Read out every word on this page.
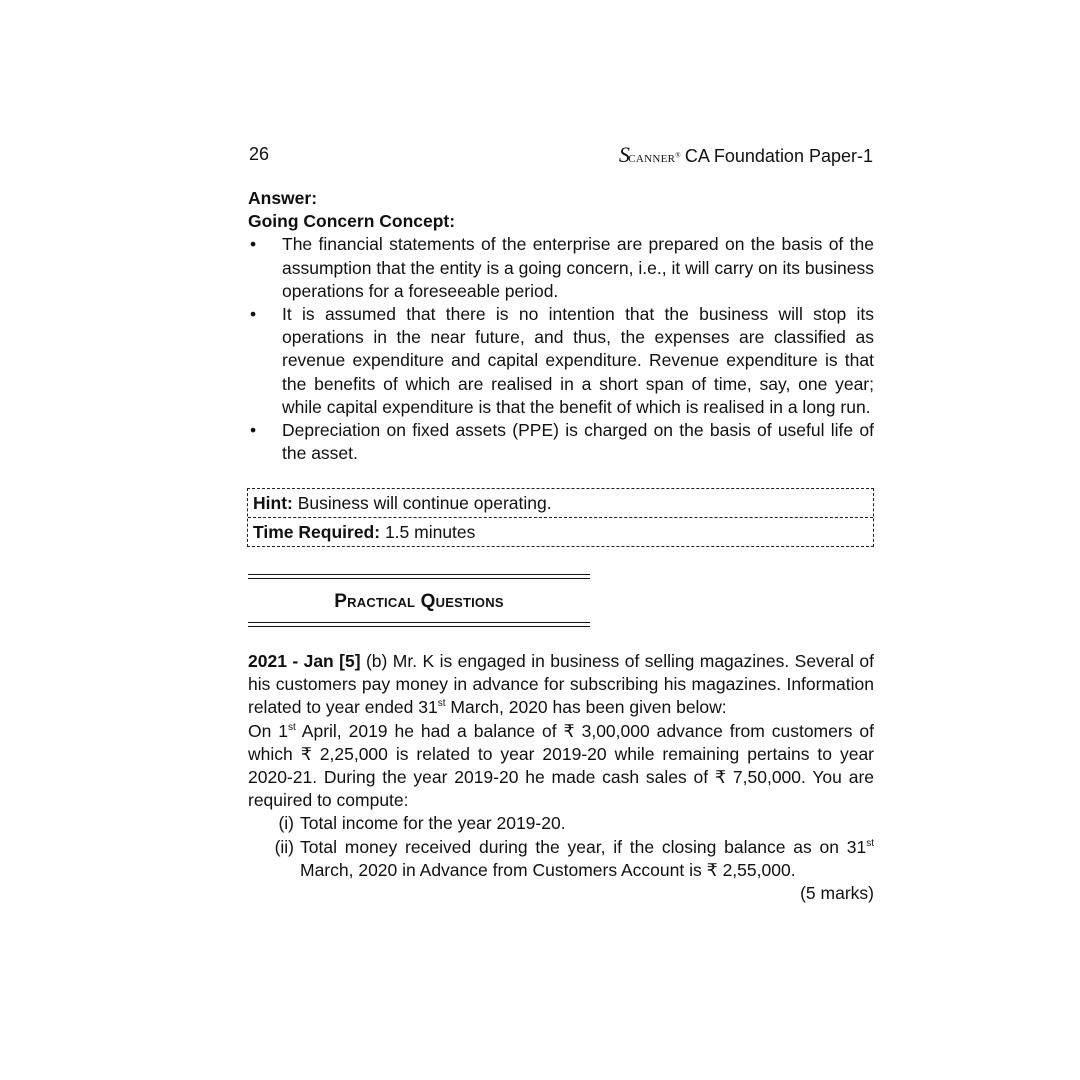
26	SCANNER® CA Foundation Paper-1
Answer:
Going Concern Concept:
• The financial statements of the enterprise are prepared on the basis of the assumption that the entity is a going concern, i.e., it will carry on its business operations for a foreseeable period.
• It is assumed that there is no intention that the business will stop its operations in the near future, and thus, the expenses are classified as revenue expenditure and capital expenditure. Revenue expenditure is that the benefits of which are realised in a short span of time, say, one year; while capital expenditure is that the benefit of which is realised in a long run.
• Depreciation on fixed assets (PPE) is charged on the basis of useful life of the asset.
Hint: Business will continue operating.
Time Required: 1.5 minutes
Practical Questions

2021 - Jan [5] (b) Mr. K is engaged in business of selling magazines. Several of his customers pay money in advance for subscribing his magazines. Information related to year ended 31st March, 2020 has been given below:

On 1st April, 2019 he had a balance of ₹ 3,00,000 advance from customers of which ₹ 2,25,000 is related to year 2019-20 while remaining pertains to year 2020-21. During the year 2019-20 he made cash sales of ₹ 7,50,000. You are required to compute:

(i) Total income for the year 2019-20.
(ii) Total money received during the year, if the closing balance as on 31st March, 2020 in Advance from Customers Account is ₹ 2,55,000.
(5 marks)
